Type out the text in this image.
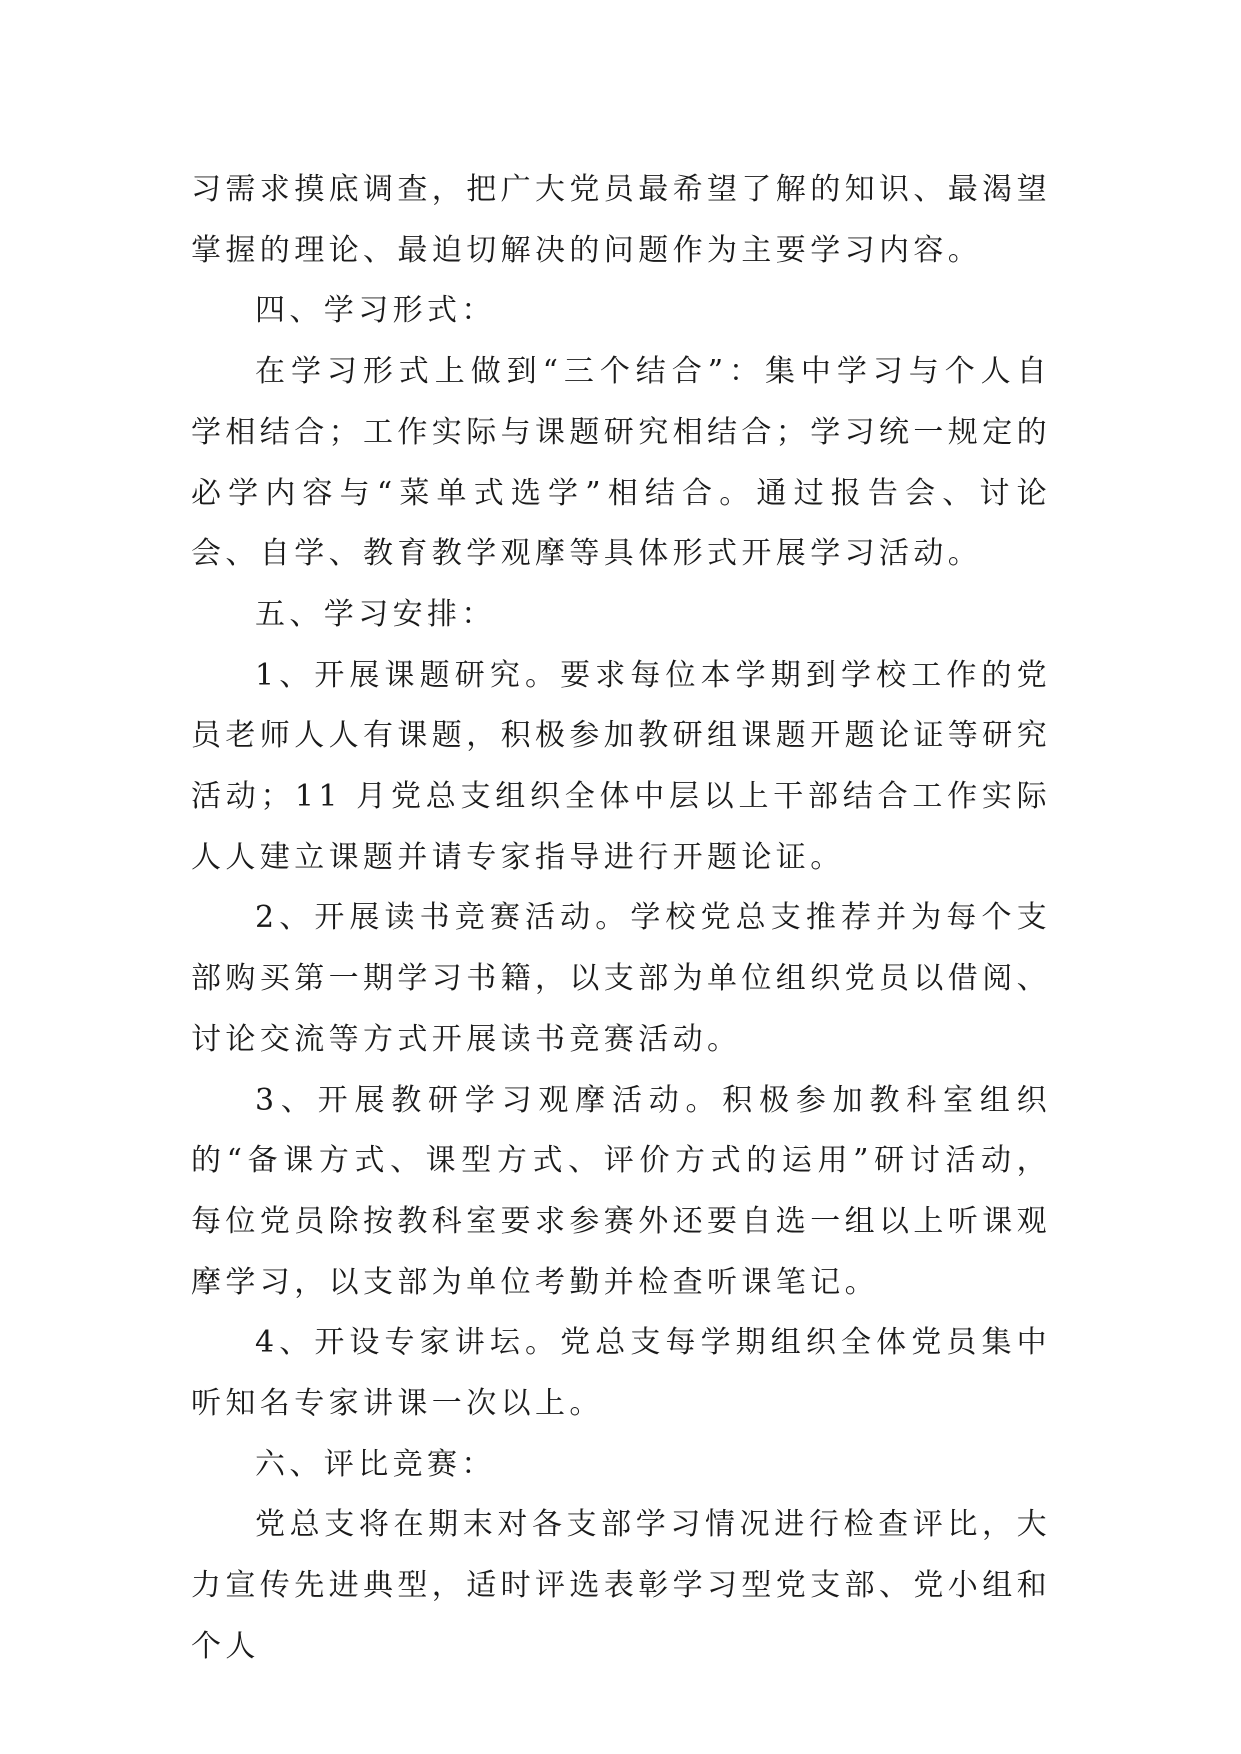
习需求摸底调查，把广大党员最希望了解的知识、最渴望掌握的理论、最迫切解决的问题作为主要学习内容。

四、学习形式：

在学习形式上做到“三个结合”：集中学习与个人自学相结合；工作实际与课题研究相结合；学习统一规定的必学内容与“菜单式选学”相结合。通过报告会、讨论会、自学、教育教学观摩等具体形式开展学习活动。

五、学习安排：

1、开展课题研究。要求每位本学期到学校工作的党员老师人人有课题，积极参加教研组课题开题论证等研究活动；11 月党总支组织全体中层以上干部结合工作实际人人建立课题并请专家指导进行开题论证。

2、开展读书竞赛活动。学校党总支推荐并为每个支部购买第一期学习书籍，以支部为单位组织党员以借阅、讨论交流等方式开展读书竞赛活动。

3、开展教研学习观摩活动。积极参加教科室组织的“备课方式、课型方式、评价方式的运用”研讨活动，每位党员除按教科室要求参赛外还要自选一组以上听课观摩学习，以支部为单位考勤并检查听课笔记。

4、开设专家讲坛。党总支每学期组织全体党员集中听知名专家讲课一次以上。

六、评比竞赛：

党总支将在期末对各支部学习情况进行检查评比，大力宣传先进典型，适时评选表彰学习型党支部、党小组和个人
